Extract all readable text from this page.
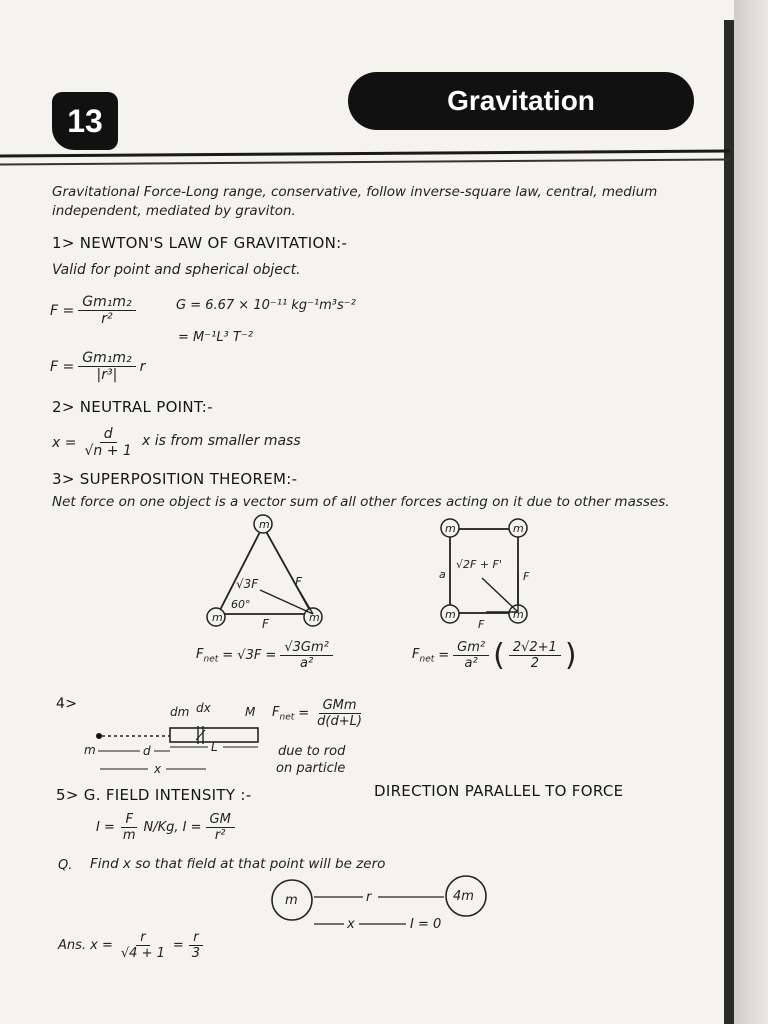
13
Gravitation
Gravitational Force-Long range, conservative, follow inverse-square law, central, medium
independent, mediated by graviton.
1> NEWTON'S LAW OF GRAVITATION:-
Valid for point and spherical object.
$F = \frac{\text{Gm₁m₂}}{\text{r²}}$	G = 6.67 × 10⁻¹¹ kg⁻¹m³s⁻²
= M⁻¹L³ T⁻²
$F = \frac{\text{Gm₁m₂}}{\text{|r³|}}$ r
2> NEUTRAL POINT:-
$x = \frac{d}{√n + 1}$ x is from smaller mass
3> SUPERPOSITION THEOREM:-
Net force on one object is a vector sum of all other forces acting on it due to other masses.
m
m	m
√3F	F
60°
F
m	m
m	m
a
√2F + F'
F
F
$F_{net} = √3F = \frac{\text{√3Gm²}}{\text{a²}}$	$F_{net} = \frac{\text{Gm²}}{\text{a²}}$ ( $\frac{2√2+1}{2}$ )
4>	dm dx	M
m	d	L
x
$F_{net} = \frac{\text{GMm}}{d(d+L)}$
due to rod
on particle
5> G. FIELD INTENSITY :-	DIRECTION PARALLEL TO FORCE
$I = \frac{F}{m} N/Kg$, $I = \frac{GM}{\text{r²}}$
Q. Find x so that field at that point will be zero
m	4m
r
x	I = 0
Ans. $x = \frac{r}{√4 + 1} = \frac{r}{3}$
